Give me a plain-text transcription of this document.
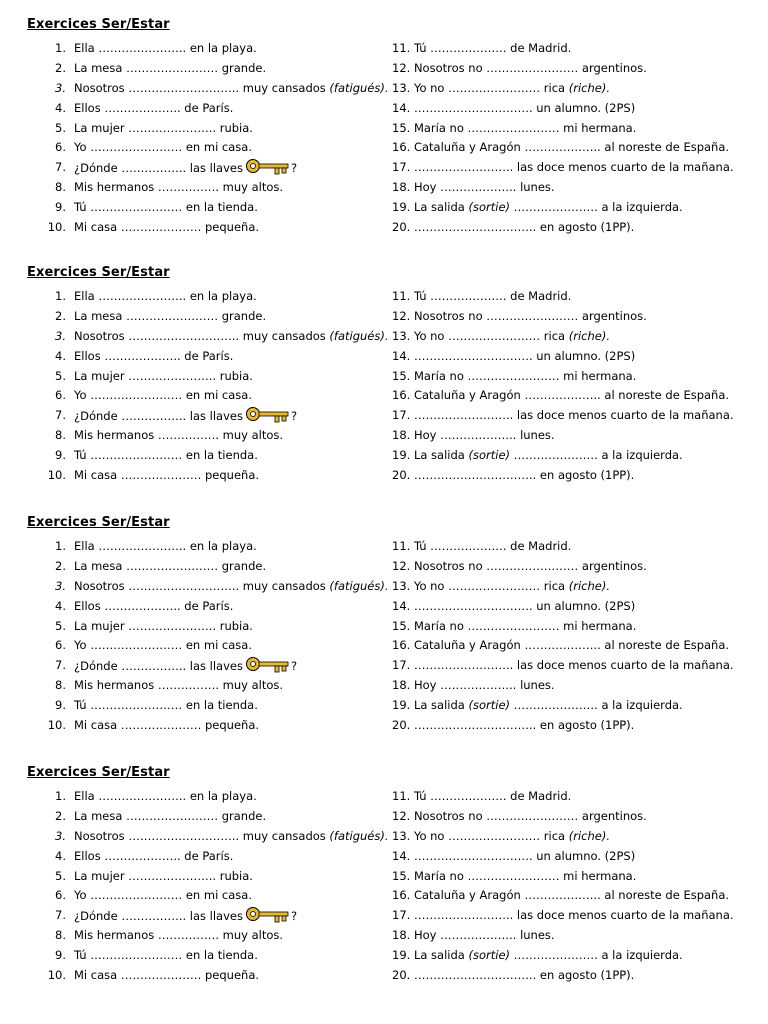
Exercices Ser/Estar
1. Ella ………………….. en la playa.
2. La mesa …………………… grande.
3. Nosotros ……………………….. muy cansados (fatigués).
4. Ellos ……………….. de París.
5. La mujer ………………….. rubia.
6. Yo …………………… en mi casa.
7. ¿Dónde …………….. las llaves	?
8. Mis hermanos ……………. muy altos.
9. Tú …………………… en la tienda.
10. Mi casa ………………… pequeña.
11. Tú ……………….. de Madrid.
12. Nosotros no …………………… argentinos.
13. Yo no …………………… rica (riche).
14. …………………………. un alumno. (2PS)
15. María no …………………… mi hermana.
16. Cataluña y Aragón ……………….. al noreste de España.
17. …………………….. las doce menos cuarto de la mañana.
18. Hoy ……………….. lunes.
19. La salida (sortie) …………………. a la izquierda.
20. ………………………….. en agosto (1PP).
Exercices Ser/Estar
1. Ella ………………….. en la playa.
2. La mesa …………………… grande.
3. Nosotros ……………………….. muy cansados (fatigués).
4. Ellos ……………….. de París.
5. La mujer ………………….. rubia.
6. Yo …………………… en mi casa.
7. ¿Dónde …………….. las llaves	?
8. Mis hermanos ……………. muy altos.
9. Tú …………………… en la tienda.
10. Mi casa ………………… pequeña.
11. Tú ……………….. de Madrid.
12. Nosotros no …………………… argentinos.
13. Yo no …………………… rica (riche).
14. …………………………. un alumno. (2PS)
15. María no …………………… mi hermana.
16. Cataluña y Aragón ……………….. al noreste de España.
17. …………………….. las doce menos cuarto de la mañana.
18. Hoy ……………….. lunes.
19. La salida (sortie) …………………. a la izquierda.
20. ………………………….. en agosto (1PP).
Exercices Ser/Estar
1. Ella ………………….. en la playa.
2. La mesa …………………… grande.
3. Nosotros ……………………….. muy cansados (fatigués).
4. Ellos ……………….. de París.
5. La mujer ………………….. rubia.
6. Yo …………………… en mi casa.
7. ¿Dónde …………….. las llaves	?
8. Mis hermanos ……………. muy altos.
9. Tú …………………… en la tienda.
10. Mi casa ………………… pequeña.
11. Tú ……………….. de Madrid.
12. Nosotros no …………………… argentinos.
13. Yo no …………………… rica (riche).
14. …………………………. un alumno. (2PS)
15. María no …………………… mi hermana.
16. Cataluña y Aragón ……………….. al noreste de España.
17. …………………….. las doce menos cuarto de la mañana.
18. Hoy ……………….. lunes.
19. La salida (sortie) …………………. a la izquierda.
20. ………………………….. en agosto (1PP).
Exercices Ser/Estar
1. Ella ………………….. en la playa.
2. La mesa …………………… grande.
3. Nosotros ……………………….. muy cansados (fatigués).
4. Ellos ……………….. de París.
5. La mujer ………………….. rubia.
6. Yo …………………… en mi casa.
7. ¿Dónde …………….. las llaves	?
8. Mis hermanos ……………. muy altos.
9. Tú …………………… en la tienda.
10. Mi casa ………………… pequeña.
11. Tú ……………….. de Madrid.
12. Nosotros no …………………… argentinos.
13. Yo no …………………… rica (riche).
14. …………………………. un alumno. (2PS)
15. María no …………………… mi hermana.
16. Cataluña y Aragón ……………….. al noreste de España.
17. …………………….. las doce menos cuarto de la mañana.
18. Hoy ……………….. lunes.
19. La salida (sortie) …………………. a la izquierda.
20. ………………………….. en agosto (1PP).
